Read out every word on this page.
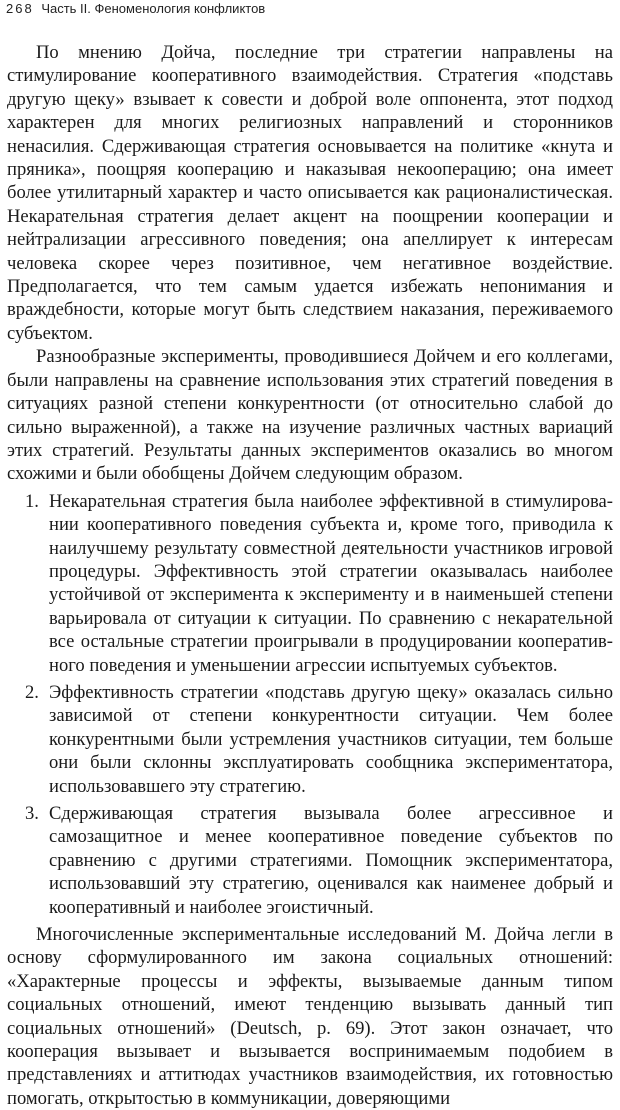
268 Часть II. Феноменология конфликтов

По мнению Дойча, последние три стратегии направлены на стимулирование кооперативного взаимодействия. Стратегия «подставь другую щеку» взывает к совести и доброй воле оппонента, этот подход характерен для многих религиозных направлений и сторонников ненасилия. Сдерживающая стратегия основывается на политике «кнута и пряника», поощряя кооперацию и наказывая некооперацию; она имеет более утилитарный характер и часто описывается как рационалистическая. Некарательная стратегия делает акцент на поощрении кооперации и нейтрализации агрессивного поведения; она апеллирует к интересам человека скорее через позитивное, чем негативное воздействие. Предполагается, что тем самым удается избежать непонимания и враждебности, которые могут быть следствием наказания, переживаемого субъектом.

Разнообразные эксперименты, проводившиеся Дойчем и его коллегами, были направлены на сравнение использования этих стратегий поведения в ситуациях разной степени конкурентности (от относительно слабой до сильно выраженной), а также на изучение различных частных вариаций этих стратегий. Результаты данных экспериментов оказались во многом схожими и были обобщены Дойчем следующим образом.

1. Некарательная стратегия была наиболее эффективной в стимулировании кооперативного поведения субъекта и, кроме того, приводила к наилучшему результату совместной деятельности участников игровой процедуры. Эффективность этой стратегии оказывалась наиболее устойчивой от эксперимента к эксперименту и в наименьшей степени варьировала от ситуации к ситуации. По сравнению с некарательной все остальные стратегии проигрывали в продуцировании кооперативного поведения и уменьшении агрессии испытуемых субъектов.
2. Эффективность стратегии «подставь другую щеку» оказалась сильно зависимой от степени конкурентности ситуации. Чем более конкурентными были устремления участников ситуации, тем больше они были склонны эксплуатировать сообщника экспериментатора, использовавшего эту стратегию.
3. Сдерживающая стратегия вызывала более агрессивное и самозащитное и менее кооперативное поведение субъектов по сравнению с другими стратегиями. Помощник экспериментатора, использовавший эту стратегию, оценивался как наименее добрый и кооперативный и наиболее эгоистичный.

Многочисленные экспериментальные исследований М. Дойча легли в основу сформулированного им закона социальных отношений: «Характерные процессы и эффекты, вызываемые данным типом социальных отношений, имеют тенденцию вызывать данный тип социальных отношений» (Deutsch, p. 69). Этот закон означает, что кооперация вызывает и вызывается воспринимаемым подобием в представлениях и аттитюдах участников взаимодействия, их готовностью помогать, открытостью в коммуникации, доверяющими
